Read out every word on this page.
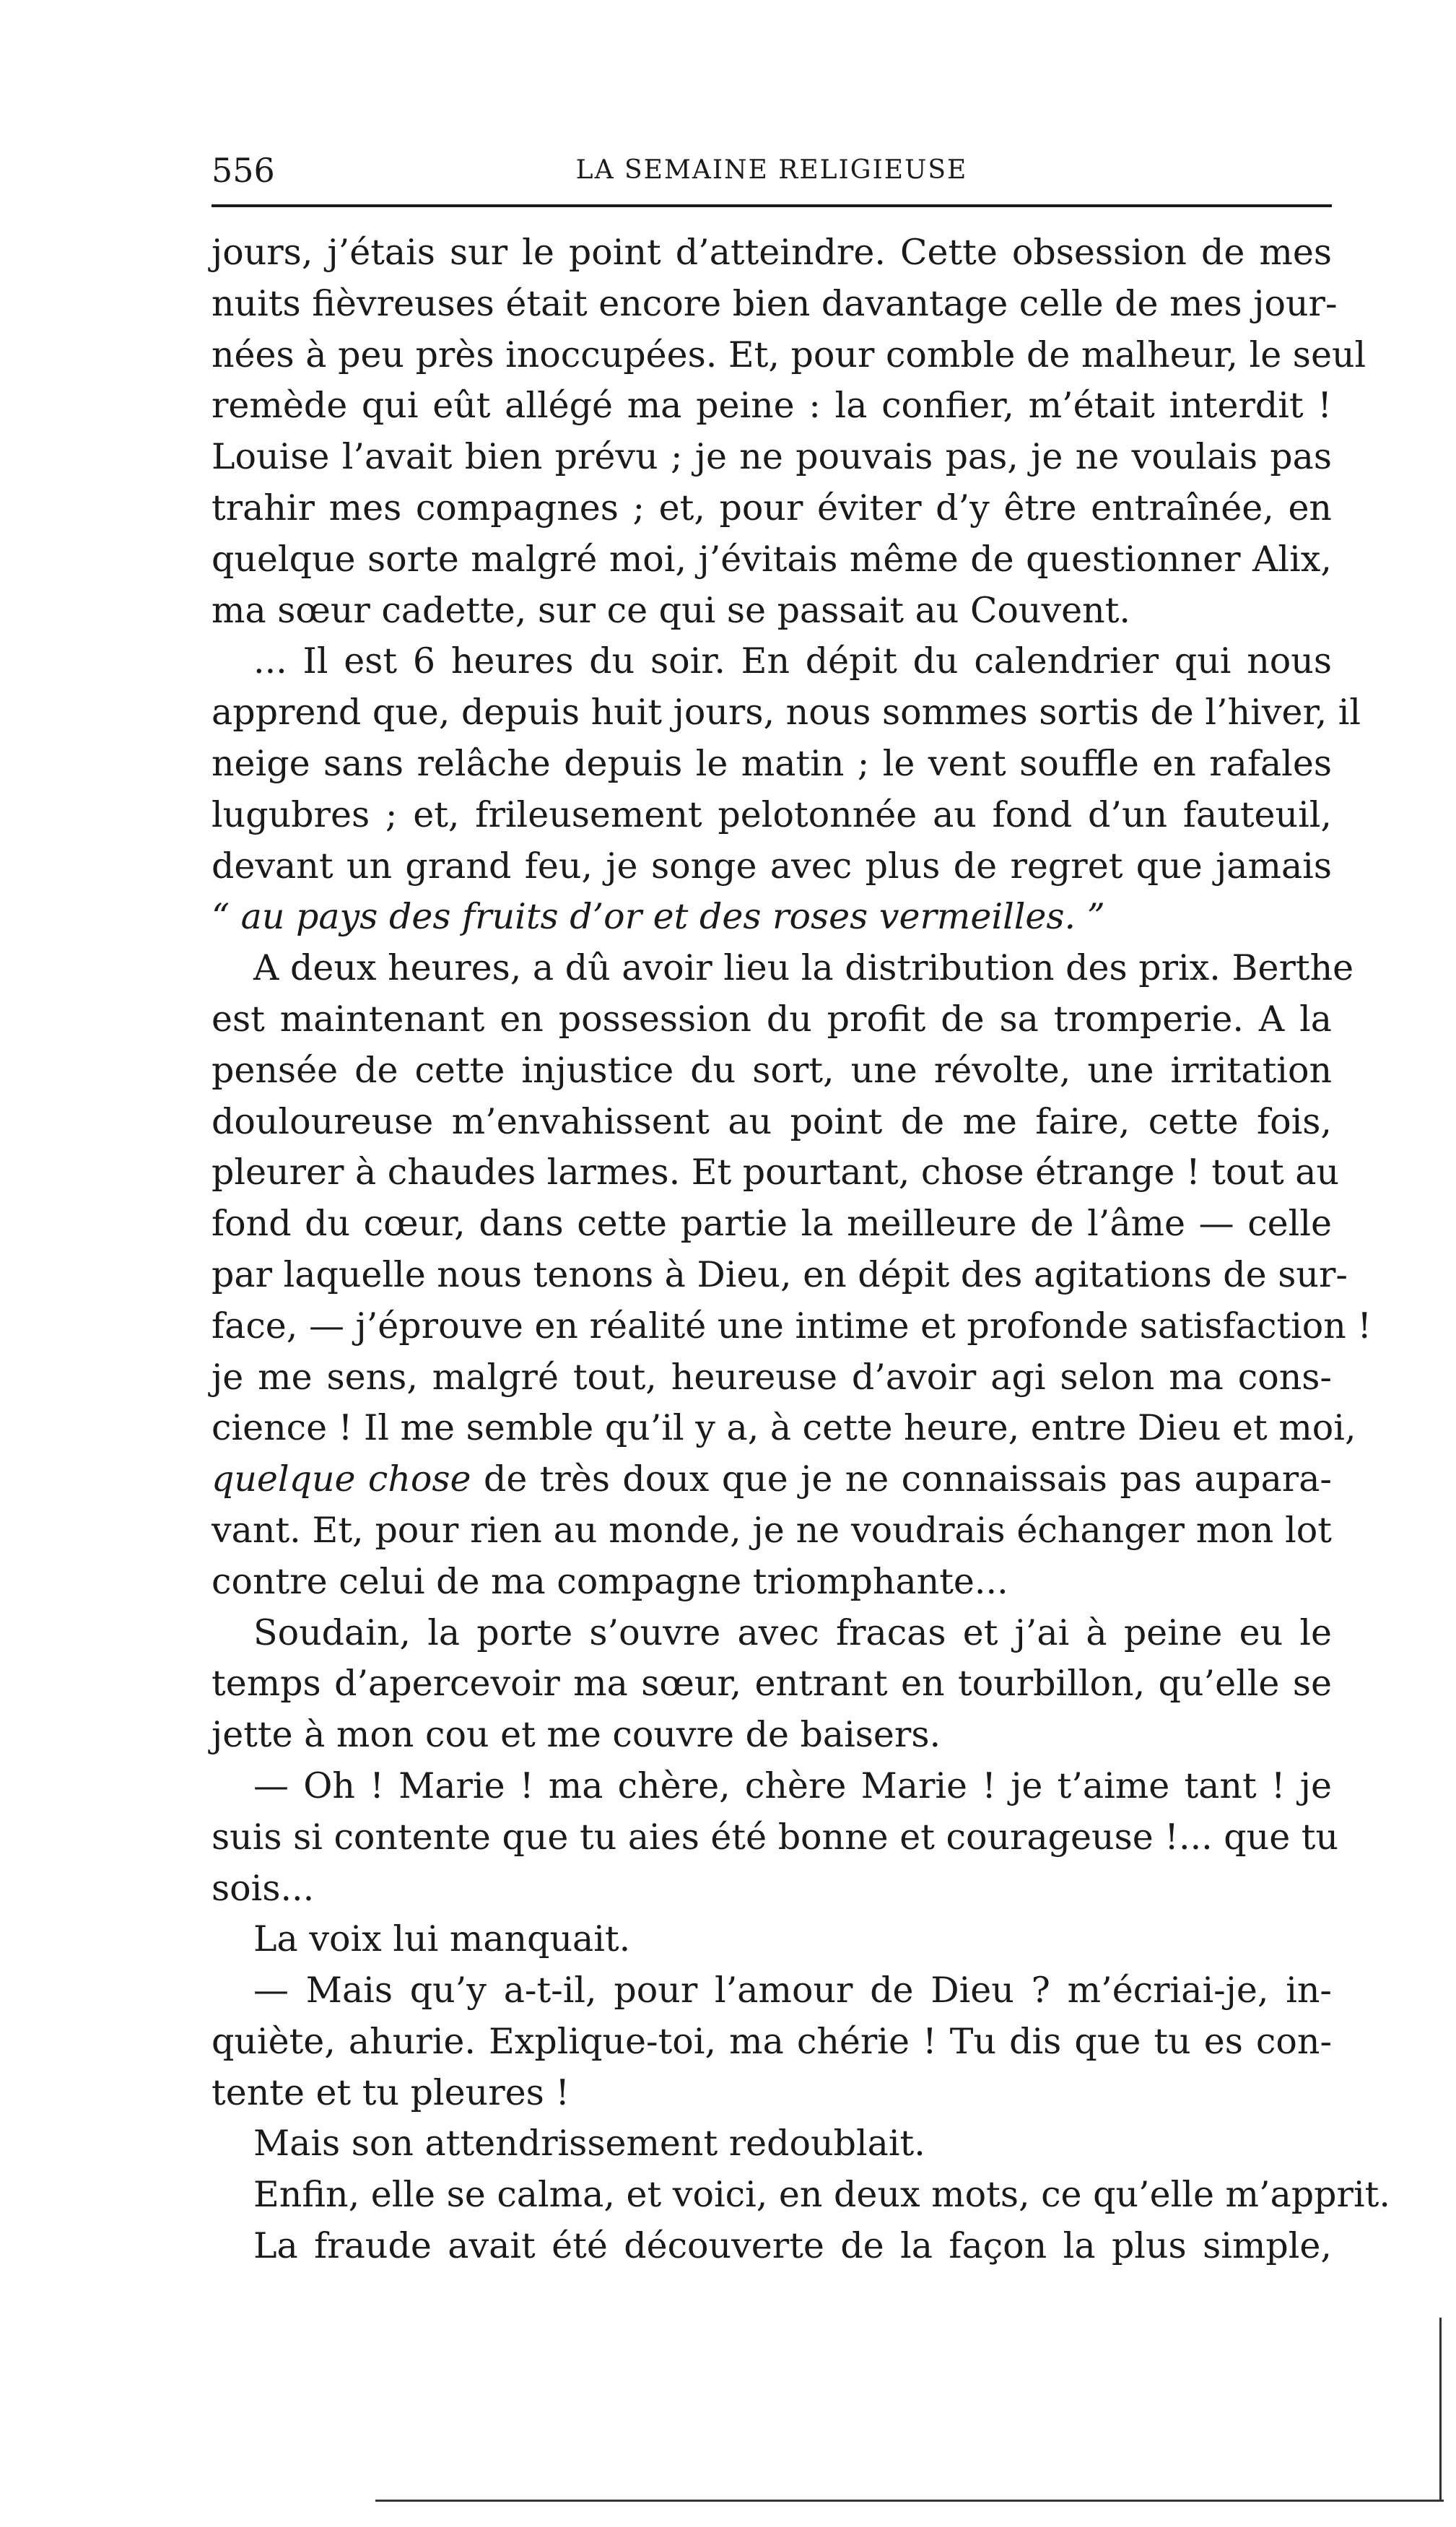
556	LA SEMAINE RELIGIEUSE
jours, j’étais sur le point d’atteindre. Cette obsession de mes
nuits fièvreuses était encore bien davantage celle de mes jour-
nées à peu près inoccupées. Et, pour comble de malheur, le seul
remède qui eût allégé ma peine : la confier, m’était interdit !
Louise l’avait bien prévu ; je ne pouvais pas, je ne voulais pas
trahir mes compagnes ; et, pour éviter d’y être entraînée, en
quelque sorte malgré moi, j’évitais même de questionner Alix,
ma sœur cadette, sur ce qui se passait au Couvent.
... Il est 6 heures du soir. En dépit du calendrier qui nous
apprend que, depuis huit jours, nous sommes sortis de l’hiver, il
neige sans relâche depuis le matin ; le vent souffle en rafales
lugubres ; et, frileusement pelotonnée au fond d’un fauteuil,
devant un grand feu, je songe avec plus de regret que jamais
“ au pays des fruits d’or et des roses vermeilles. ”
A deux heures, a dû avoir lieu la distribution des prix. Berthe
est maintenant en possession du profit de sa tromperie. A la
pensée de cette injustice du sort, une révolte, une irritation
douloureuse m’envahissent au point de me faire, cette fois,
pleurer à chaudes larmes. Et pourtant, chose étrange ! tout au
fond du cœur, dans cette partie la meilleure de l’âme — celle
par laquelle nous tenons à Dieu, en dépit des agitations de sur-
face, — j’éprouve en réalité une intime et profonde satisfaction !
je me sens, malgré tout, heureuse d’avoir agi selon ma cons-
cience ! Il me semble qu’il y a, à cette heure, entre Dieu et moi,
quelque chose de très doux que je ne connaissais pas aupara-
vant. Et, pour rien au monde, je ne voudrais échanger mon lot
contre celui de ma compagne triomphante...
Soudain, la porte s’ouvre avec fracas et j’ai à peine eu le
temps d’apercevoir ma sœur, entrant en tourbillon, qu’elle se
jette à mon cou et me couvre de baisers.
— Oh ! Marie ! ma chère, chère Marie ! je t’aime tant ! je
suis si contente que tu aies été bonne et courageuse !... que tu
sois...
La voix lui manquait.
— Mais qu’y a-t-il, pour l’amour de Dieu ? m’écriai-je, in-
quiète, ahurie. Explique-toi, ma chérie ! Tu dis que tu es con-
tente et tu pleures !
Mais son attendrissement redoublait.
Enfin, elle se calma, et voici, en deux mots, ce qu’elle m’apprit.
La fraude avait été découverte de la façon la plus simple,
